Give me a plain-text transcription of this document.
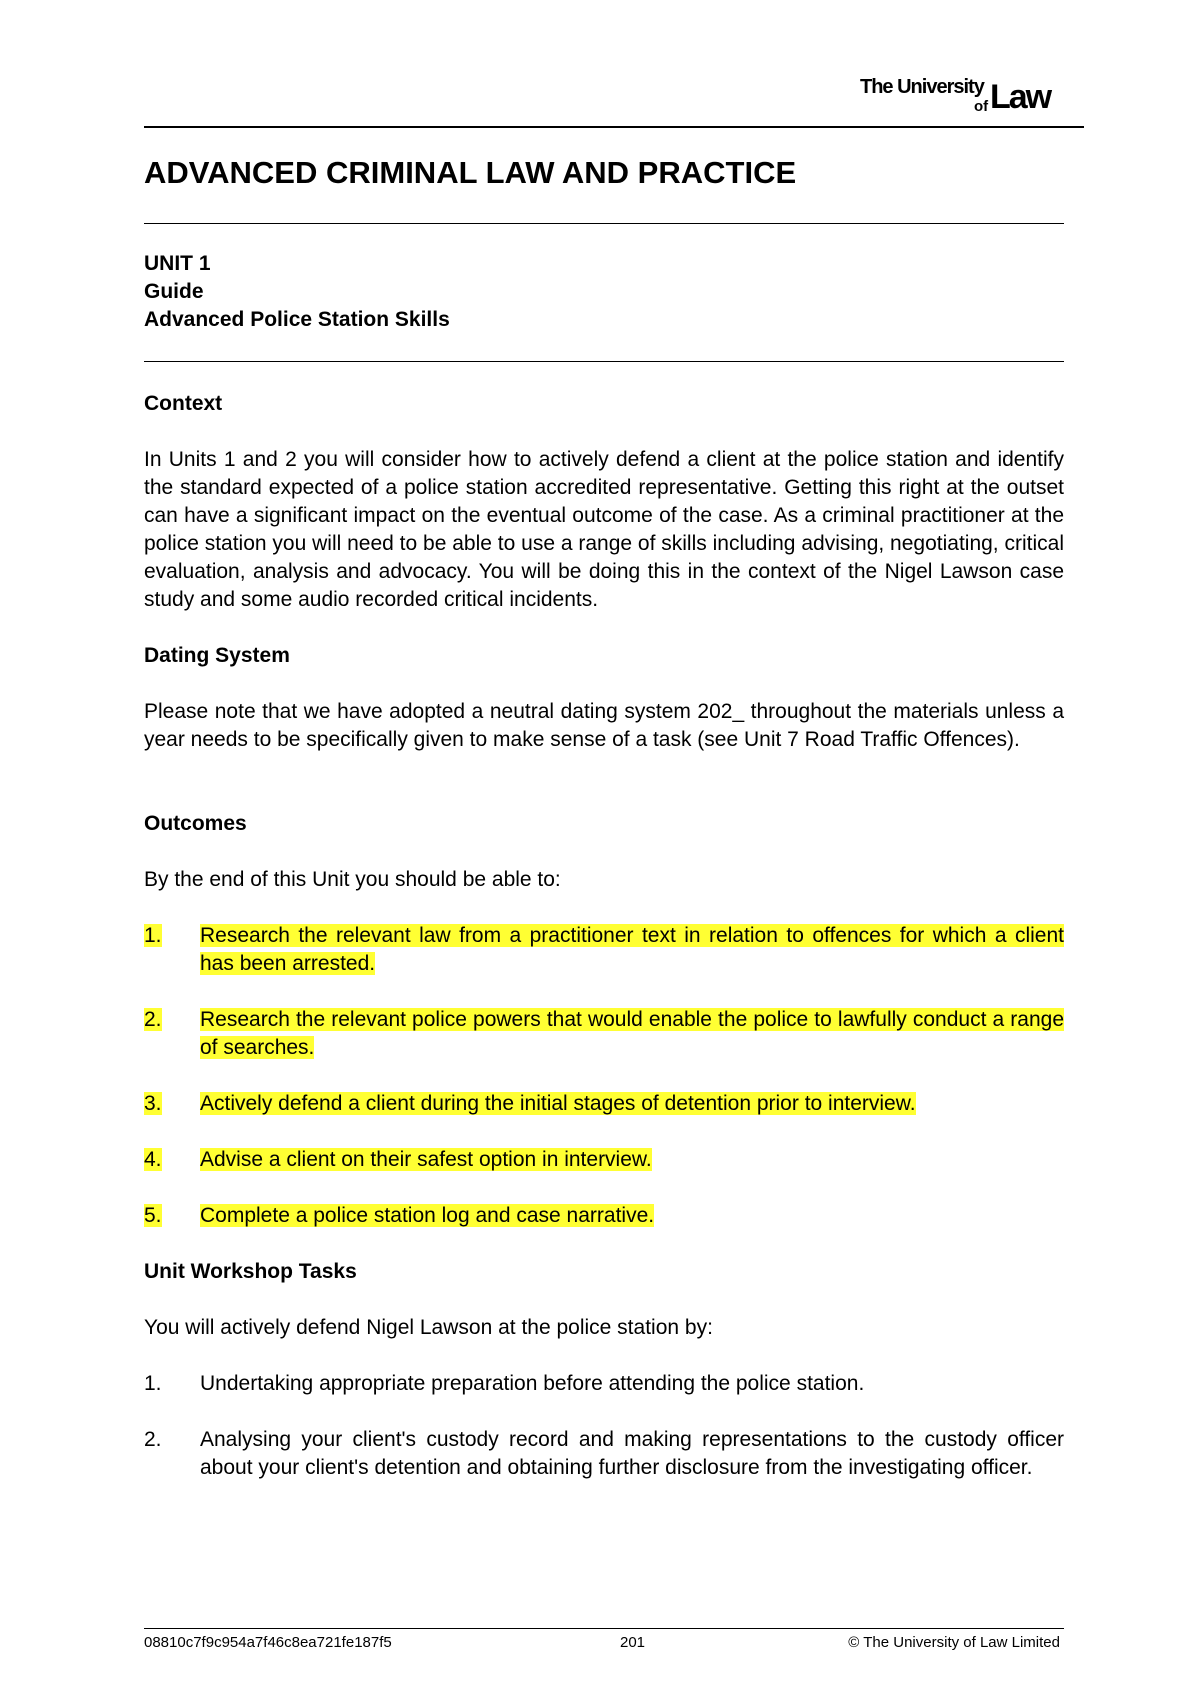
The University
of Law
ADVANCED CRIMINAL LAW AND PRACTICE
UNIT 1
Guide
Advanced Police Station Skills
Context

In Units 1 and 2 you will consider how to actively defend a client at the police station and identify the standard expected of a police station accredited representative. Getting this right at the outset can have a significant impact on the eventual outcome of the case. As a criminal practitioner at the police station you will need to be able to use a range of skills including advising, negotiating, critical evaluation, analysis and advocacy. You will be doing this in the context of the Nigel Lawson case study and some audio recorded critical incidents.

Dating System

Please note that we have adopted a neutral dating system 202_ throughout the materials unless a year needs to be specifically given to make sense of a task (see Unit 7 Road Traffic Offences).

Outcomes

By the end of this Unit you should be able to:

1.	Research the relevant law from a practitioner text in relation to offences for which a client has been arrested.
2.	Research the relevant police powers that would enable the police to lawfully conduct a range of searches.
3.	Actively defend a client during the initial stages of detention prior to interview.
4.	Advise a client on their safest option in interview.
5.	Complete a police station log and case narrative.
Unit Workshop Tasks

You will actively defend Nigel Lawson at the police station by:

1.	Undertaking appropriate preparation before attending the police station.
2.	Analysing your client's custody record and making representations to the custody officer about your client's detention and obtaining further disclosure from the investigating officer.
08810c7f9c954a7f46c8ea721fe187f5	201	© The University of Law Limited
